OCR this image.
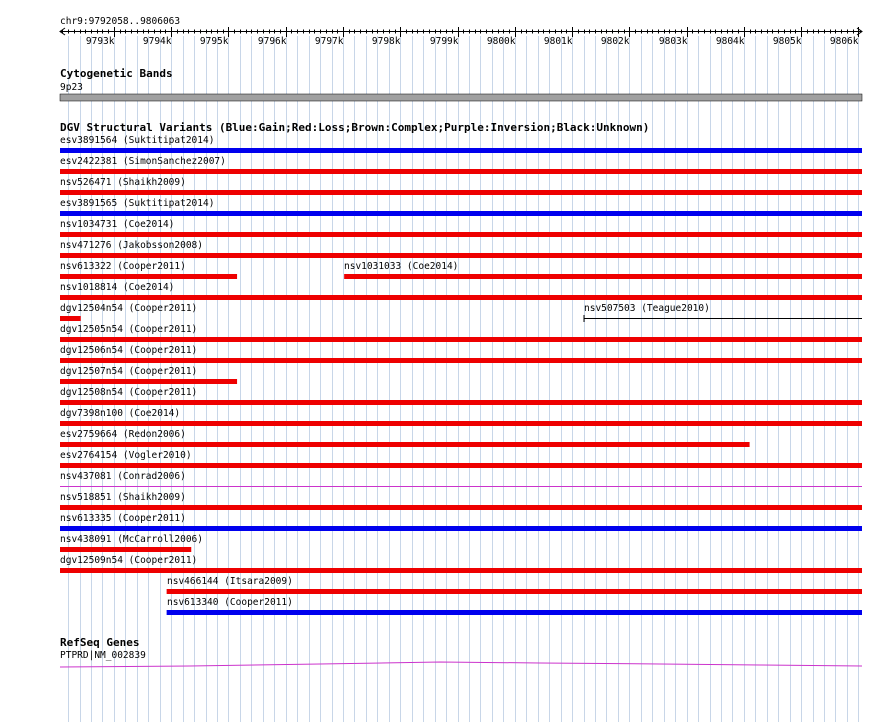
chr9:9792058..9806063
9793k	9794k	9795k	9796k	9797k	9798k	9799k	9800k	9801k	9802k	9803k	9804k	9805k	9806k
Cytogenetic Bands
9p23
DGV Structural Variants (Blue:Gain;Red:Loss;Brown:Complex;Purple:Inversion;Black:Unknown)
esv3891564 (Suktitipat2014)
esv2422381 (SimonSanchez2007)
nsv526471 (Shaikh2009)
esv3891565 (Suktitipat2014)
nsv1034731 (Coe2014)
nsv471276 (Jakobsson2008)
nsv613322 (Cooper2011)	nsv1031033 (Coe2014)
nsv1018814 (Coe2014)
dgv12504n54 (Cooper2011)	nsv507503 (Teague2010)
dgv12505n54 (Cooper2011)
dgv12506n54 (Cooper2011)
dgv12507n54 (Cooper2011)
dgv12508n54 (Cooper2011)
dgv7398n100 (Coe2014)
esv2759664 (Redon2006)
esv2764154 (Vogler2010)
nsv437081 (Conrad2006)
nsv518851 (Shaikh2009)
nsv613335 (Cooper2011)
nsv438091 (McCarroll2006)
dgv12509n54 (Cooper2011)
nsv466144 (Itsara2009)
nsv613340 (Cooper2011)
RefSeq Genes
PTPRD|NM_002839
